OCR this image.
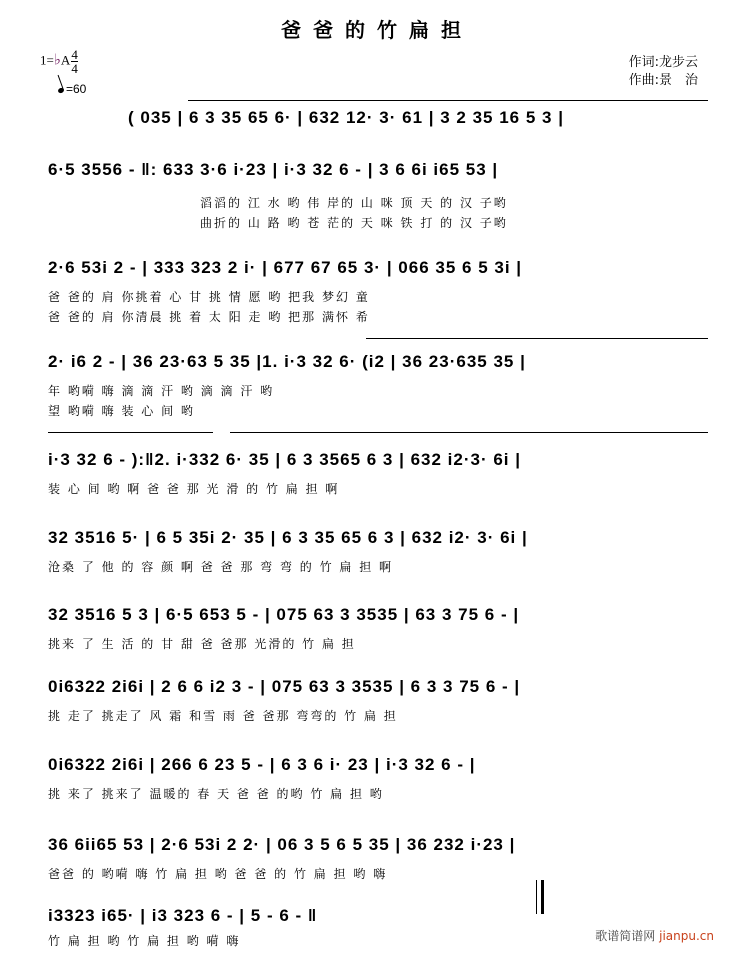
爸爸的竹扁担
1=♭A $\frac{4}{4}$
=60
作词:龙步云
作曲:景　治
( 035 | 6 3 35 65 6· | 632 12· 3· 61 | 3 2 35 16 5 3 |
6·5 3556 - ‖: 633 3·6 i·23 | i·3 32 6 - | 3 6 6i i65 53 |
滔滔的 江 水 哟 伟 岸的 山 咪 顶 天 的 汉 子哟
曲折的 山 路 哟 苍 茫的 天 咪 铁 打 的 汉 子哟
2·6 53i 2 - | 333 323 2 i· | 677 67 65 3· | 066 35 6 5 3i |
爸 爸的 肩 你挑着 心 甘 挑 情 愿 哟 把我 梦幻 童
爸 爸的 肩 你清晨 挑 着 太 阳 走 哟 把那 满怀 希
2· i6 2 - | 36 23·63 5 35 |1. i·3 32 6· (i2 | 36 23·635 35 |
年 哟嗬 嗨 滴 滴 汗 哟 滴 滴 汗 哟
望 哟嗬 嗨 装 心 间 哟
i·3 32 6 - ):‖2. i·332 6· 35 | 6 3 3565 6 3 | 632 i2·3· 6i |
装 心 间 哟 啊 爸 爸 那 光 滑 的 竹 扁 担 啊
32 3516 5· | 6 5 35i 2· 35 | 6 3 35 65 6 3 | 632 i2· 3· 6i |
沧桑 了 他 的 容 颜 啊 爸 爸 那 弯 弯 的 竹 扁 担 啊
32 3516 5 3 | 6·5 653 5 - | 075 63 3 3535 | 63 3 75 6 - |
挑来 了 生 活 的 甘 甜 爸 爸那 光滑的 竹 扁 担
0i6322 2i6i | 2 6 6 i2 3 - | 075 63 3 3535 | 6 3 3 75 6 - |
挑 走了 挑走了 风 霜 和雪 雨 爸 爸那 弯弯的 竹 扁 担
0i6322 2i6i | 266 6 23 5 - | 6 3 6 i· 23 | i·3 32 6 - |
挑 来了 挑来了 温暖的 春 天 爸 爸 的哟 竹 扁 担 哟
36 6ii65 53 | 2·6 53i 2 2· | 06 3 5 6 5 35 | 36 232 i·23 |
爸爸 的 哟嗬 嗨 竹 扁 担 哟 爸 爸 的 竹 扁 担 哟 嗨
i3323 i65· | i3 323 6 - | 5 - 6 - ‖
竹 扁 担 哟 竹 扁 担 哟 嗬 嗨	歌谱简谱网 jianpu.cn
